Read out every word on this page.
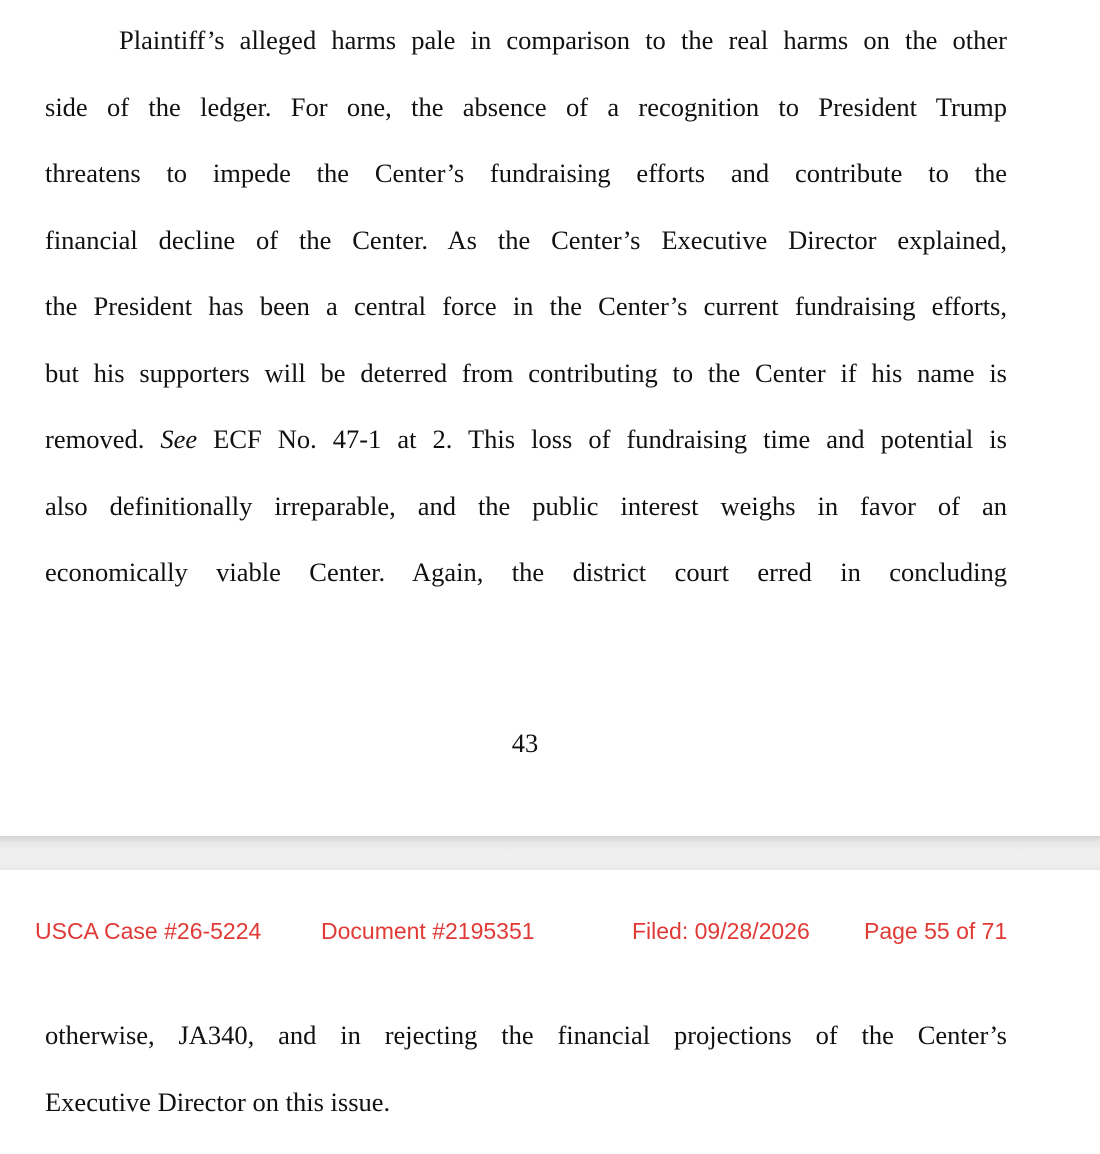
Plaintiff’s alleged harms pale in comparison to the real harms on the other
side of the ledger. For one, the absence of a recognition to President Trump
threatens to impede the Center’s fundraising efforts and contribute to the
financial decline of the Center. As the Center’s Executive Director explained,
the President has been a central force in the Center’s current fundraising efforts,
but his supporters will be deterred from contributing to the Center if his name is
removed. See ECF No. 47-1 at 2. This loss of fundraising time and potential is
also definitionally irreparable, and the public interest weighs in favor of an
economically viable Center. Again, the district court erred in concluding
43
USCA Case #26-5224	Document #2195351	Filed: 09/28/2026 Page 55 of 71
otherwise, JA340, and in rejecting the financial projections of the Center’s
Executive Director on this issue.
